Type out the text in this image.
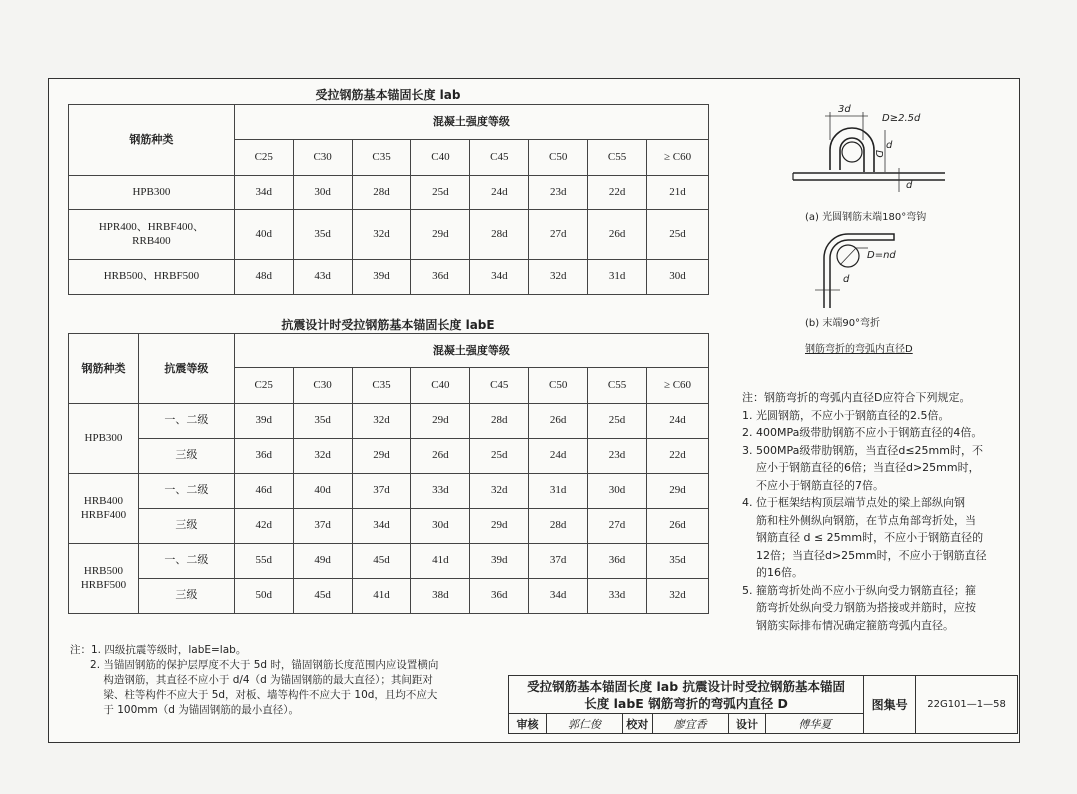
受拉钢筋基本锚固长度 lab
钢筋种类	混凝土强度等级							
	C25	C30	C35	C40	C45	C50	C55	≥ C60
HPB300	34d	30d	28d	25d	24d	23d	22d	21d
HPR400、HRBF400、RRB400	40d	35d	32d	29d	28d	27d	26d	25d
HRB500、HRBF500	48d	43d	39d	36d	34d	32d	31d	30d
抗震设计时受拉钢筋基本锚固长度 labE
钢筋种类	抗震等级	混凝土强度等级							
		C25	C30	C35	C40	C45	C50	C55	≥ C60
HPB300	一、二级	39d	35d	32d	29d	28d	26d	25d	24d
	三级	36d	32d	29d	26d	25d	24d	23d	22d
HRB400 HRBF400	一、二级	46d	40d	37d	33d	32d	31d	30d	29d
	三级	42d	37d	34d	30d	29d	28d	27d	26d
HRB500 HRBF500	一、二级	55d	49d	45d	41d	39d	37d	36d	35d
	三级	50d	45d	41d	38d	36d	34d	33d	32d
3d
D≥2.5d
D
d
d
(a) 光圆钢筋末端180°弯钩
D=nd
d
(b) 末端90°弯折
钢筋弯折的弯弧内直径D
注：钢筋弯折的弯弧内直径D应符合下列规定。
1. 光圆钢筋，不应小于钢筋直径的2.5倍。
2. 400MPa级带肋钢筋不应小于钢筋直径的4倍。
3. 500MPa级带肋钢筋，当直径d≤25mm时，不
应小于钢筋直径的6倍；当直径d>25mm时，
不应小于钢筋直径的7倍。
4. 位于框架结构顶层端节点处的梁上部纵向钢
筋和柱外侧纵向钢筋，在节点角部弯折处，当
钢筋直径 d ≤ 25mm时，不应小于钢筋直径的
12倍；当直径d>25mm时，不应小于钢筋直径
的16倍。
5. 箍筋弯折处尚不应小于纵向受力钢筋直径；箍
筋弯折处纵向受力钢筋为搭接或并筋时，应按
钢筋实际排布情况确定箍筋弯弧内直径。
注：1. 四级抗震等级时，labE=lab。
2. 当锚固钢筋的保护层厚度不大于 5d 时，锚固钢筋长度范围内应设置横向
构造钢筋，其直径不应小于 d/4（d 为锚固钢筋的最大直径）；其间距对
梁、柱等构件不应大于 5d，对板、墙等构件不应大于 10d，且均不应大
于 100mm（d 为锚固钢筋的最小直径）。
受拉钢筋基本锚固长度 lab 抗震设计时受拉钢筋基本锚固
长度 labE 钢筋弯折的弯弧内直径 D						图集号	22G101—1—58
审核	郭仁俊	校对	廖宜香	设计	傅华夏		
